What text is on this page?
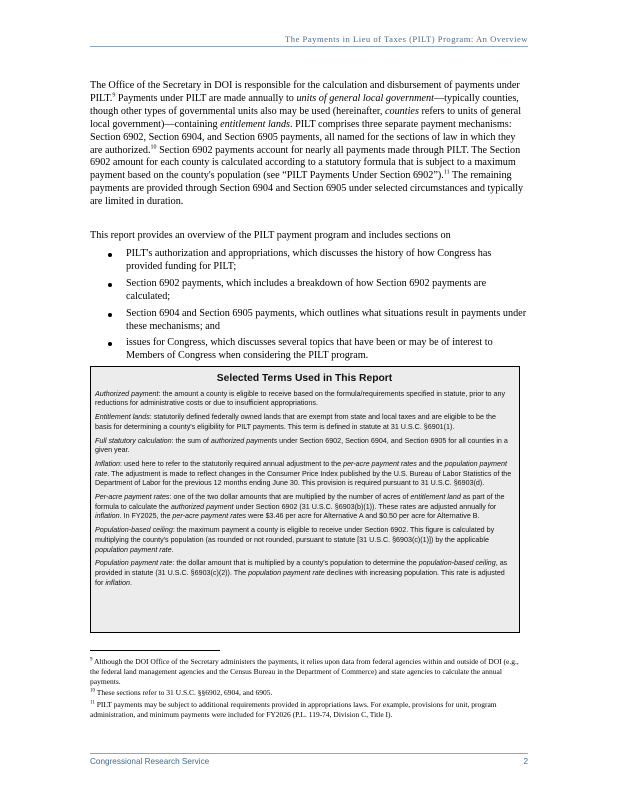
The Payments in Lieu of Taxes (PILT) Program: An Overview
The Office of the Secretary in DOI is responsible for the calculation and disbursement of payments under PILT.$^9$ Payments under PILT are made annually to units of general local government—typically counties, though other types of governmental units also may be used (hereinafter, counties refers to units of general local government)—containing entitlement lands. PILT comprises three separate payment mechanisms: Section 6902, Section 6904, and Section 6905 payments, all named for the sections of law in which they are authorized.$^{10}$ Section 6902 payments account for nearly all payments made through PILT. The Section 6902 amount for each county is calculated according to a statutory formula that is subject to a maximum payment based on the county's population (see “PILT Payments Under Section 6902”).$^{11}$ The remaining payments are provided through Section 6904 and Section 6905 under selected circumstances and typically are limited in duration.
This report provides an overview of the PILT payment program and includes sections on
PILT's authorization and appropriations, which discusses the history of how Congress has provided funding for PILT;
Section 6902 payments, which includes a breakdown of how Section 6902 payments are calculated;
Section 6904 and Section 6905 payments, which outlines what situations result in payments under these mechanisms; and
issues for Congress, which discusses several topics that have been or may be of interest to Members of Congress when considering the PILT program.
Selected Terms Used in This Report
Authorized payment: the amount a county is eligible to receive based on the formula/requirements specified in statute, prior to any reductions for administrative costs or due to insufficient appropriations.
Entitlement lands: statutorily defined federally owned lands that are exempt from state and local taxes and are eligible to be the basis for determining a county's eligibility for PILT payments. This term is defined in statute at 31 U.S.C. §6901(1).
Full statutory calculation: the sum of authorized payments under Section 6902, Section 6904, and Section 6905 for all counties in a given year.
Inflation: used here to refer to the statutorily required annual adjustment to the per-acre payment rates and the population payment rate. The adjustment is made to reflect changes in the Consumer Price Index published by the U.S. Bureau of Labor Statistics of the Department of Labor for the previous 12 months ending June 30. This provision is required pursuant to 31 U.S.C. §6903(d).
Per-acre payment rates: one of the two dollar amounts that are multiplied by the number of acres of entitlement land as part of the formula to calculate the authorized payment under Section 6902 (31 U.S.C. §6903(b)(1)). These rates are adjusted annually for inflation. In FY2025, the per-acre payment rates were $3.46 per acre for Alternative A and $0.50 per acre for Alternative B.
Population-based ceiling: the maximum payment a county is eligible to receive under Section 6902. This figure is calculated by multiplying the county's population (as rounded or not rounded, pursuant to statute [31 U.S.C. §6903(c)(1)]) by the applicable population payment rate.
Population payment rate: the dollar amount that is multiplied by a county's population to determine the population-based ceiling, as provided in statute (31 U.S.C. §6903(c)(2)). The population payment rate declines with increasing population. This rate is adjusted for inflation.
$^9$ Although the DOI Office of the Secretary administers the payments, it relies upon data from federal agencies within and outside of DOI (e.g., the federal land management agencies and the Census Bureau in the Department of Commerce) and state agencies to calculate the annual payments.
$^{10}$ These sections refer to 31 U.S.C. §§6902, 6904, and 6905.
$^{11}$ PILT payments may be subject to additional requirements provided in appropriations laws. For example, provisions for unit, program administration, and minimum payments were included for FY2026 (P.L. 119-74, Division C, Title I).
Congressional Research Service	2
